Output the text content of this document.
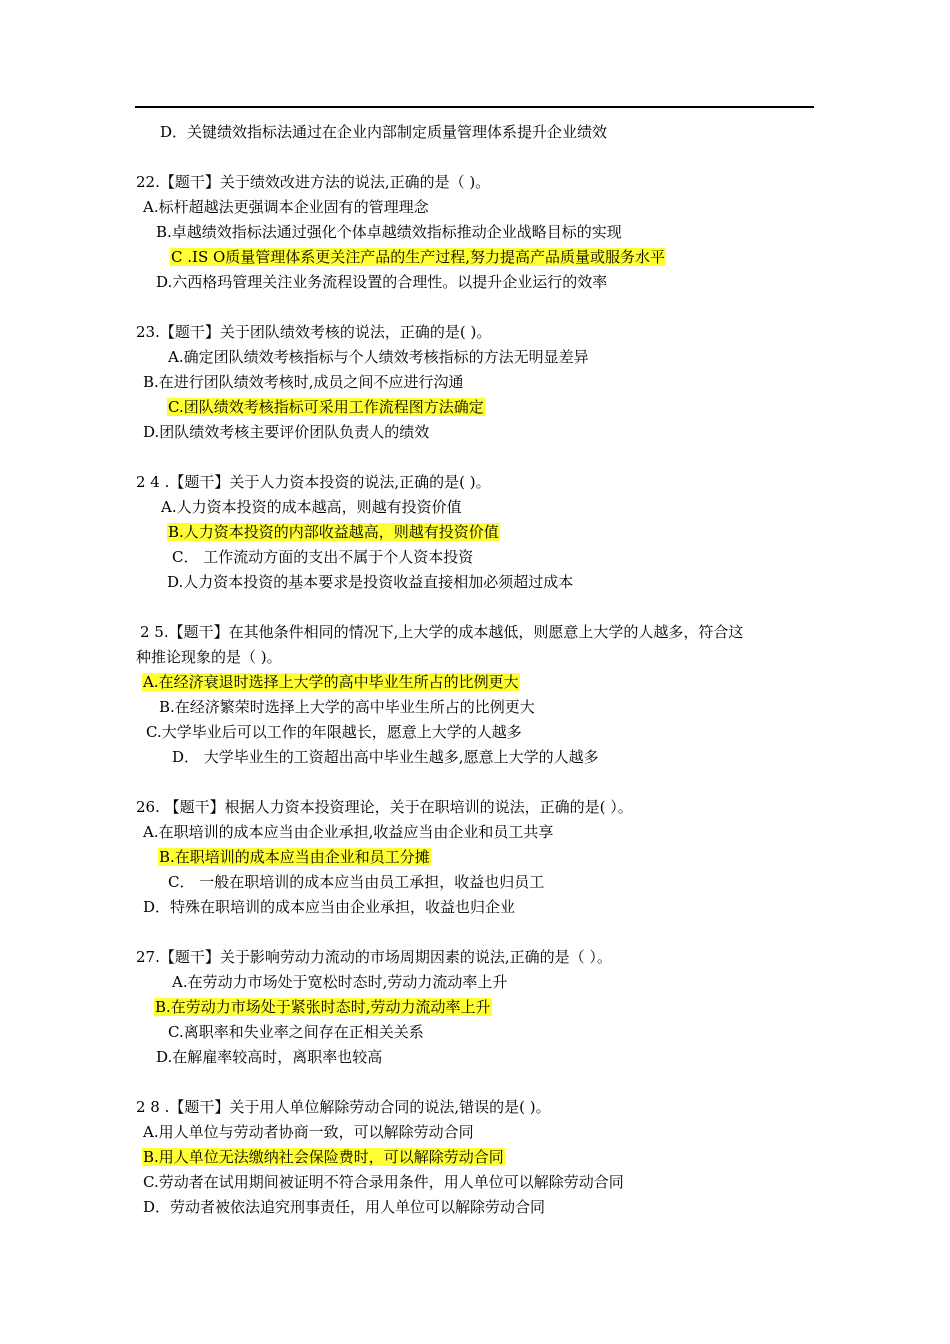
D．关键绩效指标法通过在企业内部制定质量管理体系提升企业绩效
22.【题干】关于绩效改进方法的说法,正确的是（ )。
A.标杆超越法更强调本企业固有的管理理念
B.卓越绩效指标法通过强化个体卓越绩效指标推动企业战略目标的实现
C .IS O质量管理体系更关注产品的生产过程,努力提高产品质量或服务水平
D.六西格玛管理关注业务流程设置的合理性。以提升企业运行的效率
23.【题干】关于团队绩效考核的说法，正确的是( )。
A.确定团队绩效考核指标与个人绩效考核指标的方法无明显差异
B.在进行团队绩效考核时,成员之间不应进行沟通
C.团队绩效考核指标可采用工作流程图方法确定
D.团队绩效考核主要评价团队负责人的绩效
2 4 .【题干】关于人力资本投资的说法,正确的是( )。
A.人力资本投资的成本越高，则越有投资价值
B.人力资本投资的内部收益越高，则越有投资价值
C． 工作流动方面的支出不属于个人资本投资
D.人力资本投资的基本要求是投资收益直接相加必须超过成本
2 5.【题干】在其他条件相同的情况下,上大学的成本越低，则愿意上大学的人越多，符合这
种推论现象的是（ )。
A.在经济衰退时选择上大学的高中毕业生所占的比例更大
B.在经济繁荣时选择上大学的高中毕业生所占的比例更大
C.大学毕业后可以工作的年限越长，愿意上大学的人越多
D． 大学毕业生的工资超出高中毕业生越多,愿意上大学的人越多
26. 【题干】根据人力资本投资理论，关于在职培训的说法，正确的是( ）。
A.在职培训的成本应当由企业承担,收益应当由企业和员工共享
B.在职培训的成本应当由企业和员工分摊
C． 一般在职培训的成本应当由员工承担，收益也归员工
D．特殊在职培训的成本应当由企业承担，收益也归企业
27.【题干】关于影响劳动力流动的市场周期因素的说法,正确的是（ ）。
A.在劳动力市场处于宽松时态时,劳动力流动率上升
B.在劳动力市场处于紧张时态时,劳动力流动率上升
C.离职率和失业率之间存在正相关关系
D.在解雇率较高时，离职率也较高
2 8 .【题干】关于用人单位解除劳动合同的说法,错误的是( )。
A.用人单位与劳动者协商一致，可以解除劳动合同
B.用人单位无法缴纳社会保险费时，可以解除劳动合同
C.劳动者在试用期间被证明不符合录用条件，用人单位可以解除劳动合同
D．劳动者被依法追究刑事责任，用人单位可以解除劳动合同
